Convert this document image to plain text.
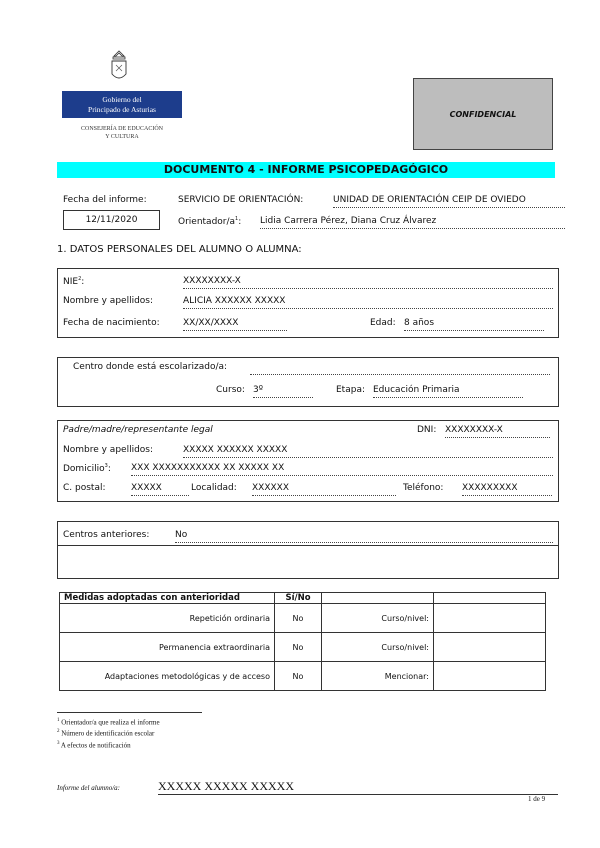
Gobierno del
Principado de Asturias
CONSEJERÍA DE EDUCACIÓN
Y CULTURA
CONFIDENCIAL
DOCUMENTO 4 - INFORME PSICOPEDAGÓGICO
Fecha del informe:
12/11/2020
SERVICIO DE ORIENTACIÓN:	UNIDAD DE ORIENTACIÓN CEIP DE OVIEDO
Orientador/$a^1$: Lidia Carrera Pérez, Diana Cruz Álvarez
1. DATOS PERSONALES DEL ALUMNO O ALUMNA:
NIE$^2$:	XXXXXXXX-X
Nombre y apellidos:	ALICIA XXXXXX XXXXX
Fecha de nacimiento:	XX/XX/XXXX	Edad: 8 años
Centro donde está escolarizado/a:
Curso: 3º	Etapa: Educación Primaria
Padre/madre/representante legal	DNI: XXXXXXXX-X
Nombre y apellidos:	XXXXX XXXXXX XXXXX
Domicilio$^3$: XXX XXXXXXXXXXX XX XXXXX XX
C. postal:	XXXXX	Localidad: XXXXXX	Teléfono: XXXXXXXXX
Centros anteriores:	No
Medidas adoptadas con anterioridad	Sí/No		
Repetición ordinaria	No	Curso/nivel:	
Permanencia extraordinaria	No	Curso/nivel:	
Adaptaciones metodológicas y de acceso	No	Mencionar:	
$^1$ Orientador/a que realiza el informe
$^2$ Número de identificación escolar
$^3$ A efectos de notificación
Informe del alumno/a:	XXXXX XXXXX XXXXX
1 de 9
